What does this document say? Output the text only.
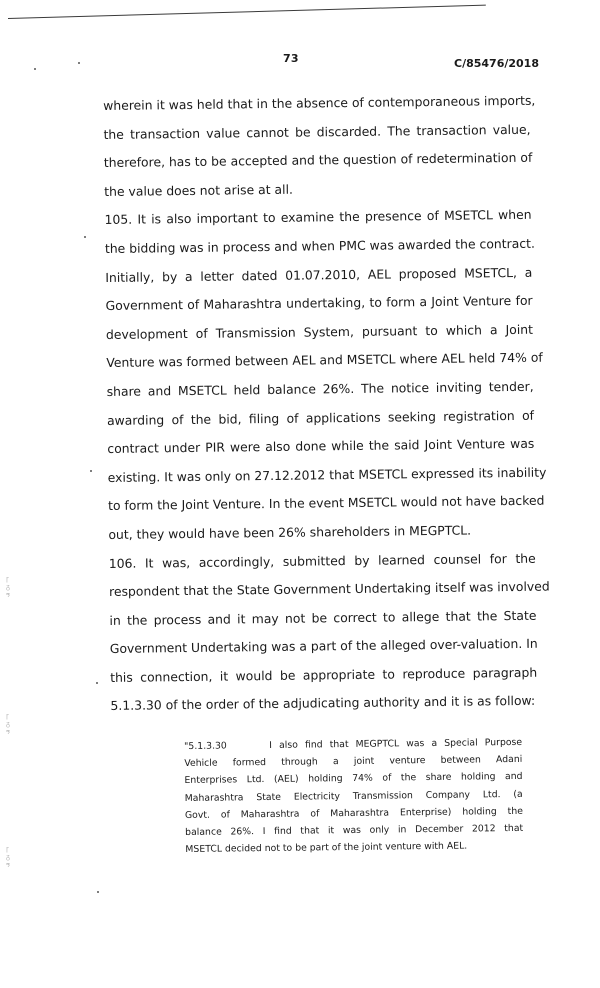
ɼ
ᵹ
ኝ
ɼ
ᵹ
ኝ
ɼ
ᵹ
ኝ
73	C/85476/2018
wherein it was held that in the absence of contemporaneous imports,
the transaction value cannot be discarded. The transaction value,
therefore, has to be accepted and the question of redetermination of
the value does not arise at all.
105. It is also important to examine the presence of MSETCL when
the bidding was in process and when PMC was awarded the contract.
Initially, by a letter dated 01.07.2010, AEL proposed MSETCL, a
Government of Maharashtra undertaking, to form a Joint Venture for
development of Transmission System, pursuant to which a Joint
Venture was formed between AEL and MSETCL where AEL held 74% of
share and MSETCL held balance 26%. The notice inviting tender,
awarding of the bid, filing of applications seeking registration of
contract under PIR were also done while the said Joint Venture was
existing. It was only on 27.12.2012 that MSETCL expressed its inability
to form the Joint Venture. In the event MSETCL would not have backed
out, they would have been 26% shareholders in MEGPTCL.
106. It was, accordingly, submitted by learned counsel for the
respondent that the State Government Undertaking itself was involved
in the process and it may not be correct to allege that the State
Government Undertaking was a part of the alleged over-valuation. In
this connection, it would be appropriate to reproduce paragraph
5.1.3.30 of the order of the adjudicating authority and it is as follow:
"5.1.3.30      I also find that MEGPTCL was a Special Purpose
Vehicle formed through a joint venture between Adani
Enterprises Ltd. (AEL) holding 74% of the share holding and
Maharashtra State Electricity Transmission Company Ltd. (a
Govt. of Maharashtra of Maharashtra Enterprise) holding the
balance 26%. I find that it was only in December 2012 that
MSETCL decided not to be part of the joint venture with AEL.
